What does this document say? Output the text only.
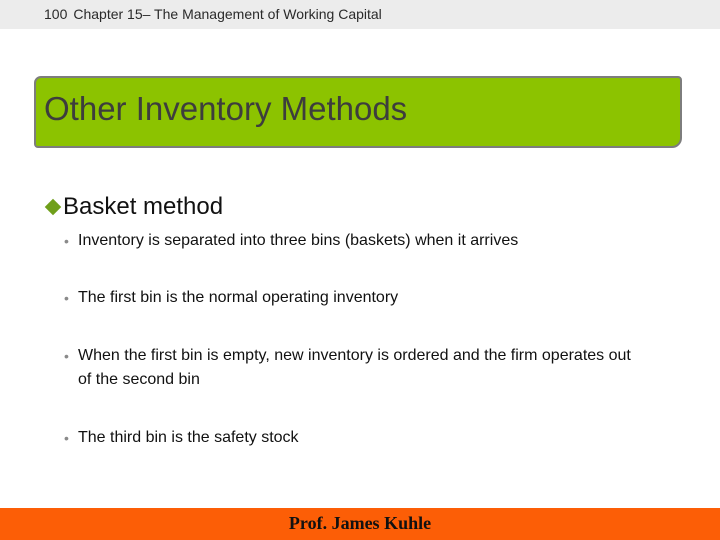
100 Chapter 15– The Management of Working Capital
Other Inventory Methods
Basket method
• Inventory is separated into three bins (baskets) when it arrives
• The first bin is the normal operating inventory
• When the first bin is empty, new inventory is ordered and the firm operates out of the second bin
• The third bin is the safety stock
Prof. James Kuhle
